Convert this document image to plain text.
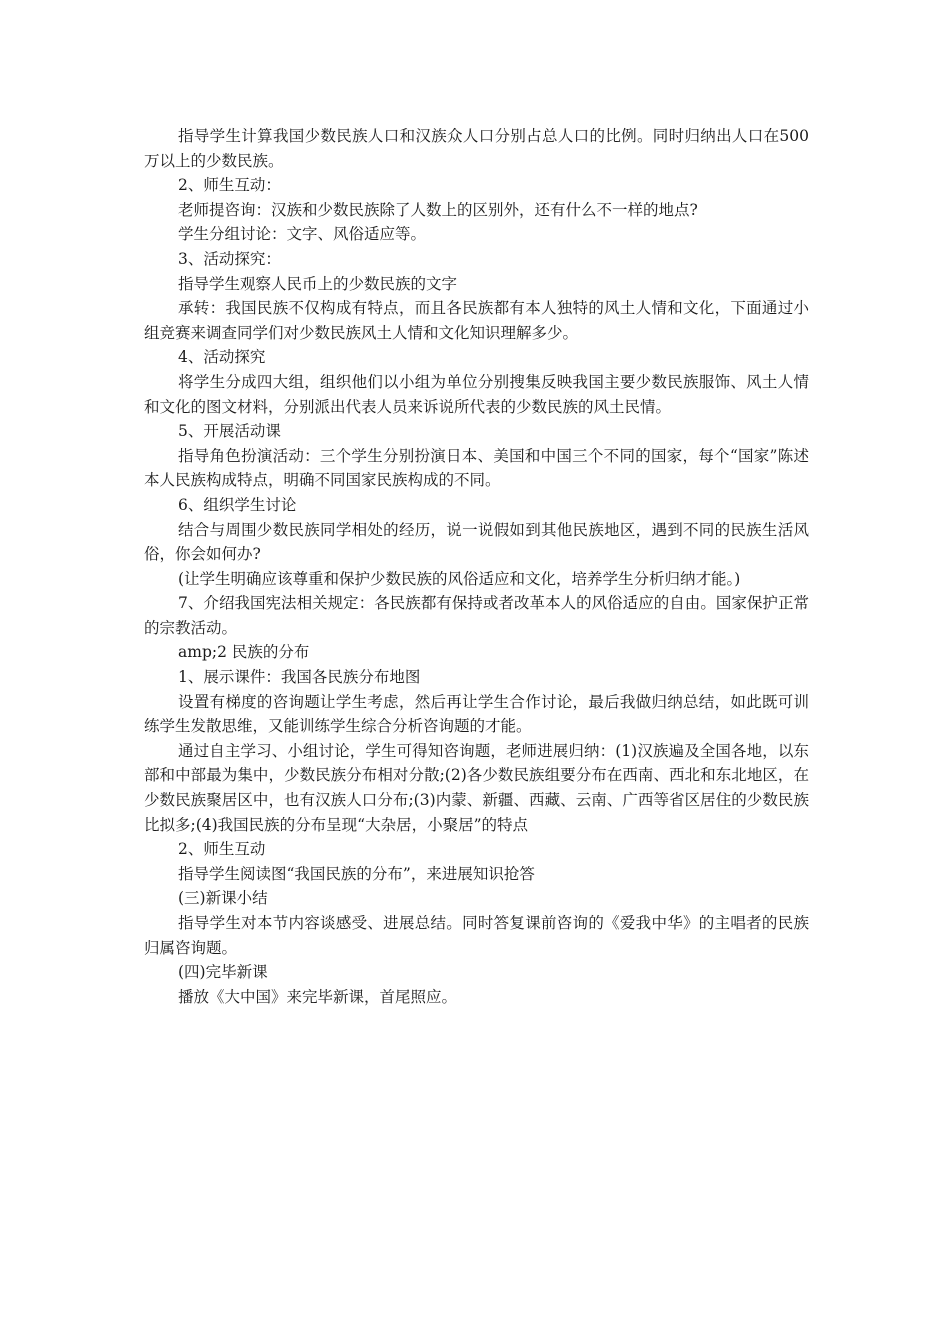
指导学生计算我国少数民族人口和汉族众人口分别占总人口的比例。同时归纳出人口在500万以上的少数民族。

2、师生互动：

老师提咨询：汉族和少数民族除了人数上的区别外，还有什么不一样的地点?

学生分组讨论：文字、风俗适应等。

3、活动探究：

指导学生观察人民币上的少数民族的文字

承转：我国民族不仅构成有特点，而且各民族都有本人独特的风土人情和文化，下面通过小组竞赛来调查同学们对少数民族风土人情和文化知识理解多少。

4、活动探究

将学生分成四大组，组织他们以小组为单位分别搜集反映我国主要少数民族服饰、风土人情和文化的图文材料，分别派出代表人员来诉说所代表的少数民族的风土民情。

5、开展活动课

指导角色扮演活动：三个学生分别扮演日本、美国和中国三个不同的国家，每个“国家”陈述本人民族构成特点，明确不同国家民族构成的不同。

6、组织学生讨论

结合与周围少数民族同学相处的经历，说一说假如到其他民族地区，遇到不同的民族生活风俗，你会如何办?

(让学生明确应该尊重和保护少数民族的风俗适应和文化，培养学生分析归纳才能。)

7、介绍我国宪法相关规定：各民族都有保持或者改革本人的风俗适应的自由。国家保护正常的宗教活动。

amp;2 民族的分布

1、展示课件：我国各民族分布地图

设置有梯度的咨询题让学生考虑，然后再让学生合作讨论，最后我做归纳总结，如此既可训练学生发散思维，又能训练学生综合分析咨询题的才能。

通过自主学习、小组讨论，学生可得知咨询题，老师进展归纳：(1)汉族遍及全国各地，以东部和中部最为集中，少数民族分布相对分散;(2)各少数民族组要分布在西南、西北和东北地区，在少数民族聚居区中，也有汉族人口分布;(3)内蒙、新疆、西藏、云南、广西等省区居住的少数民族比拟多;(4)我国民族的分布呈现“大杂居，小聚居”的特点

2、师生互动

指导学生阅读图“我国民族的分布”，来进展知识抢答

(三)新课小结

指导学生对本节内容谈感受、进展总结。同时答复课前咨询的《爱我中华》的主唱者的民族归属咨询题。

(四)完毕新课

播放《大中国》来完毕新课，首尾照应。
